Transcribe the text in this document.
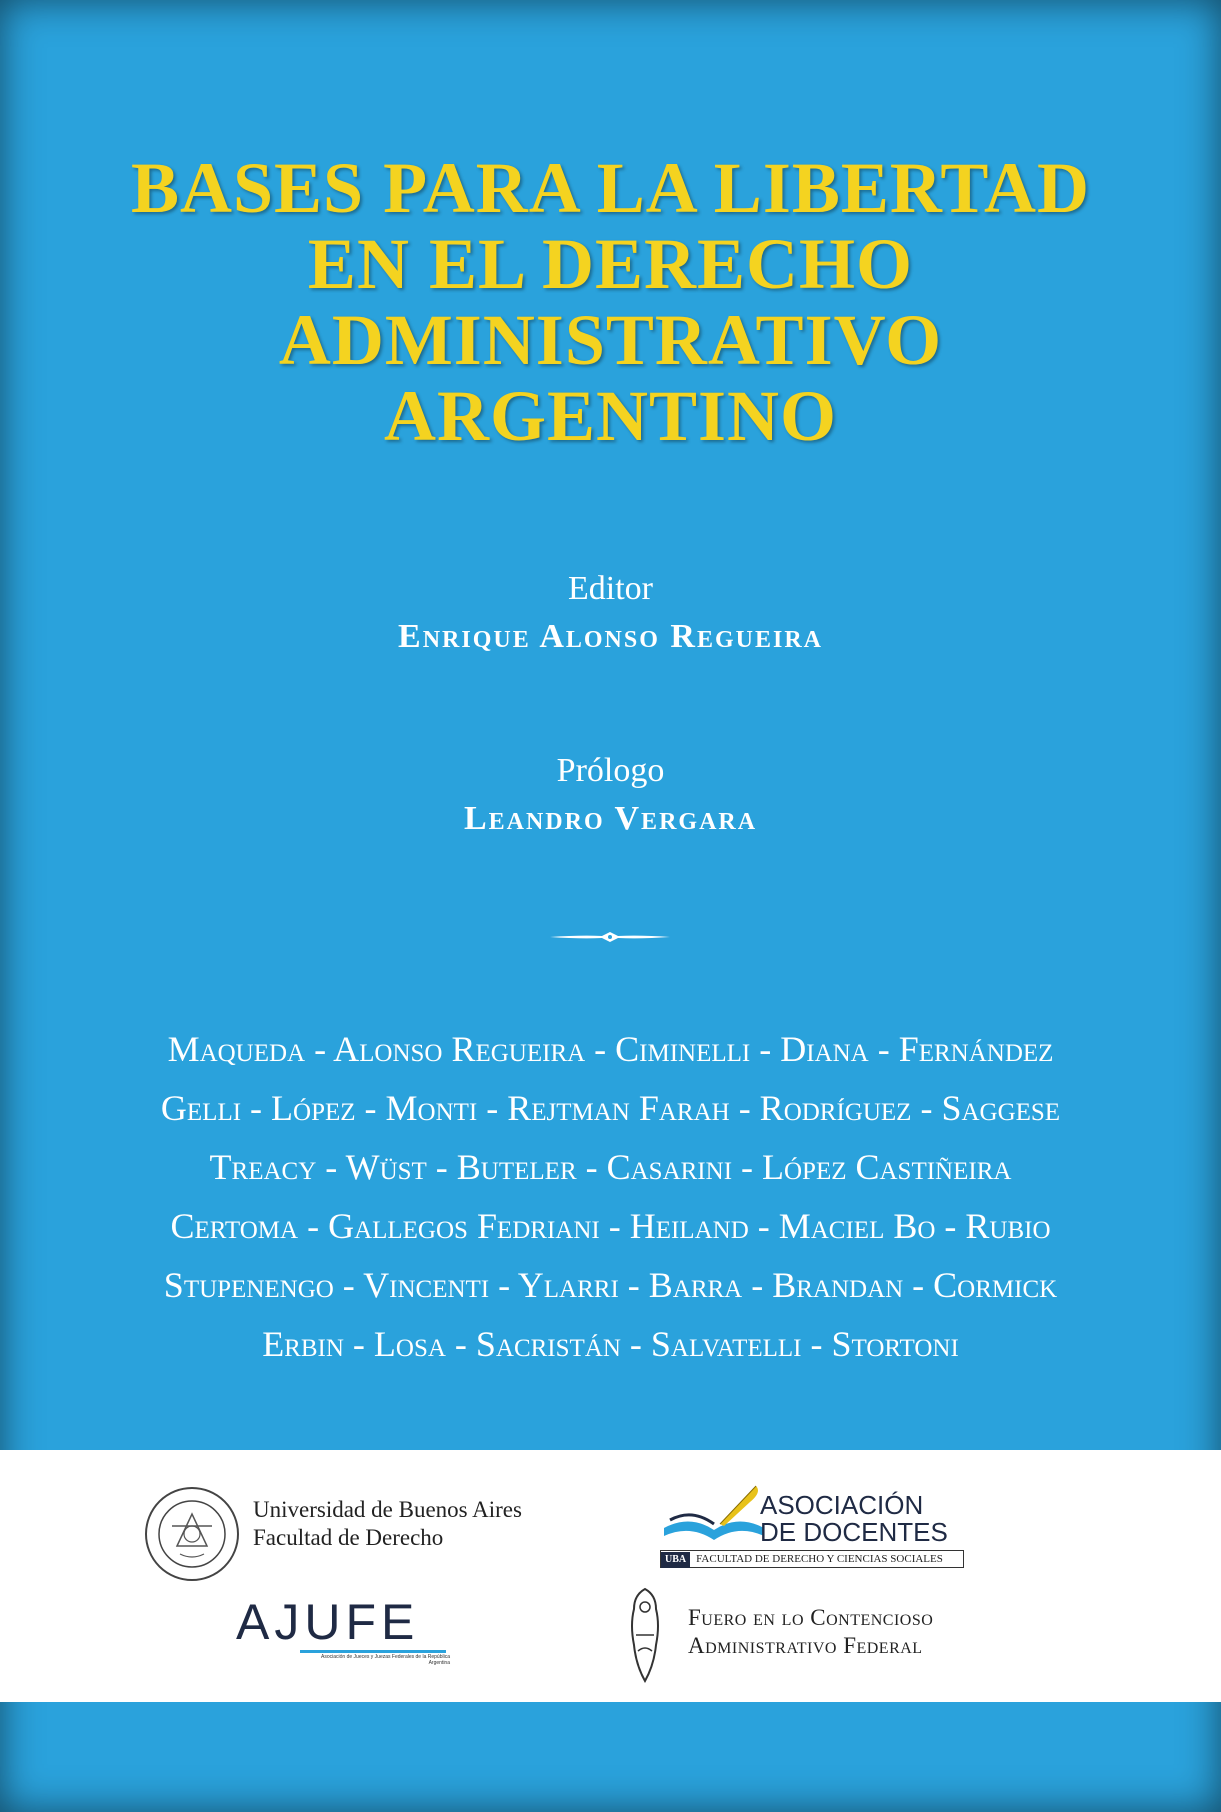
BASES PARA LA LIBERTAD
EN EL DERECHO
ADMINISTRATIVO
ARGENTINO

Editor

Enrique Alonso Regueira

Prólogo

Leandro Vergara

Maqueda - Alonso Regueira - Ciminelli - Diana - Fernández
Gelli - López - Monti - Rejtman Farah - Rodríguez - Saggese
Treacy - Wüst - Buteler - Casarini - López Castiñeira
Certoma - Gallegos Fedriani - Heiland - Maciel Bo - Rubio
Stupenengo - Vincenti - Ylarri - Barra - Brandan - Cormick
Erbin - Losa - Sacristán - Salvatelli - Stortoni

Universidad de Buenos Aires
Facultad de Derecho
AJUFE
Asociación de Jueces y Juezas Federales de la República Argentina
ASOCIACIÓN
DE DOCENTES
UBA FACULTAD DE DERECHO Y CIENCIAS SOCIALES
Fuero en lo Contencioso
Administrativo Federal
